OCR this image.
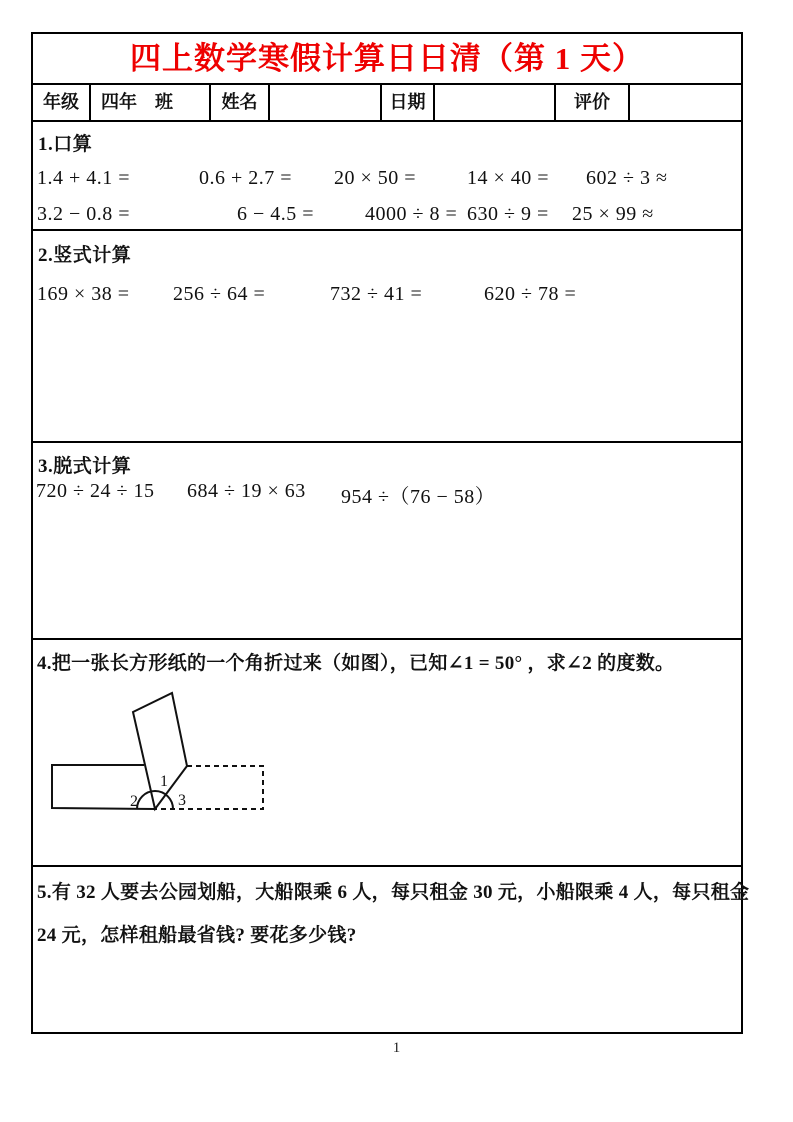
四上数学寒假计算日日清（第 1 天）
年级	四年    班	姓名	日期	评价
1.口算
1.4 + 4.1 =	0.6 + 2.7 = 20 × 50 =	14 × 40 = 602 ÷ 3 ≈
3.2 − 0.8 =	6 − 4.5 =	4000 ÷ 8 = 630 ÷ 9 = 25 × 99 ≈
2.竖式计算
169 × 38 = 256 ÷ 64 =	732 ÷ 41 =	620 ÷ 78 =
3.脱式计算
720 ÷ 24 ÷ 15 684 ÷ 19 × 63 954 ÷（76 − 58）
4.把一张长方形纸的一个角折过来（如图），已知∠1 = 50° ，求∠2 的度数。
1
2	3
5.有 32 人要去公园划船，大船限乘 6 人，每只租金 30 元，小船限乘 4 人，每只租金
24 元，怎样租船最省钱? 要花多少钱?
1
